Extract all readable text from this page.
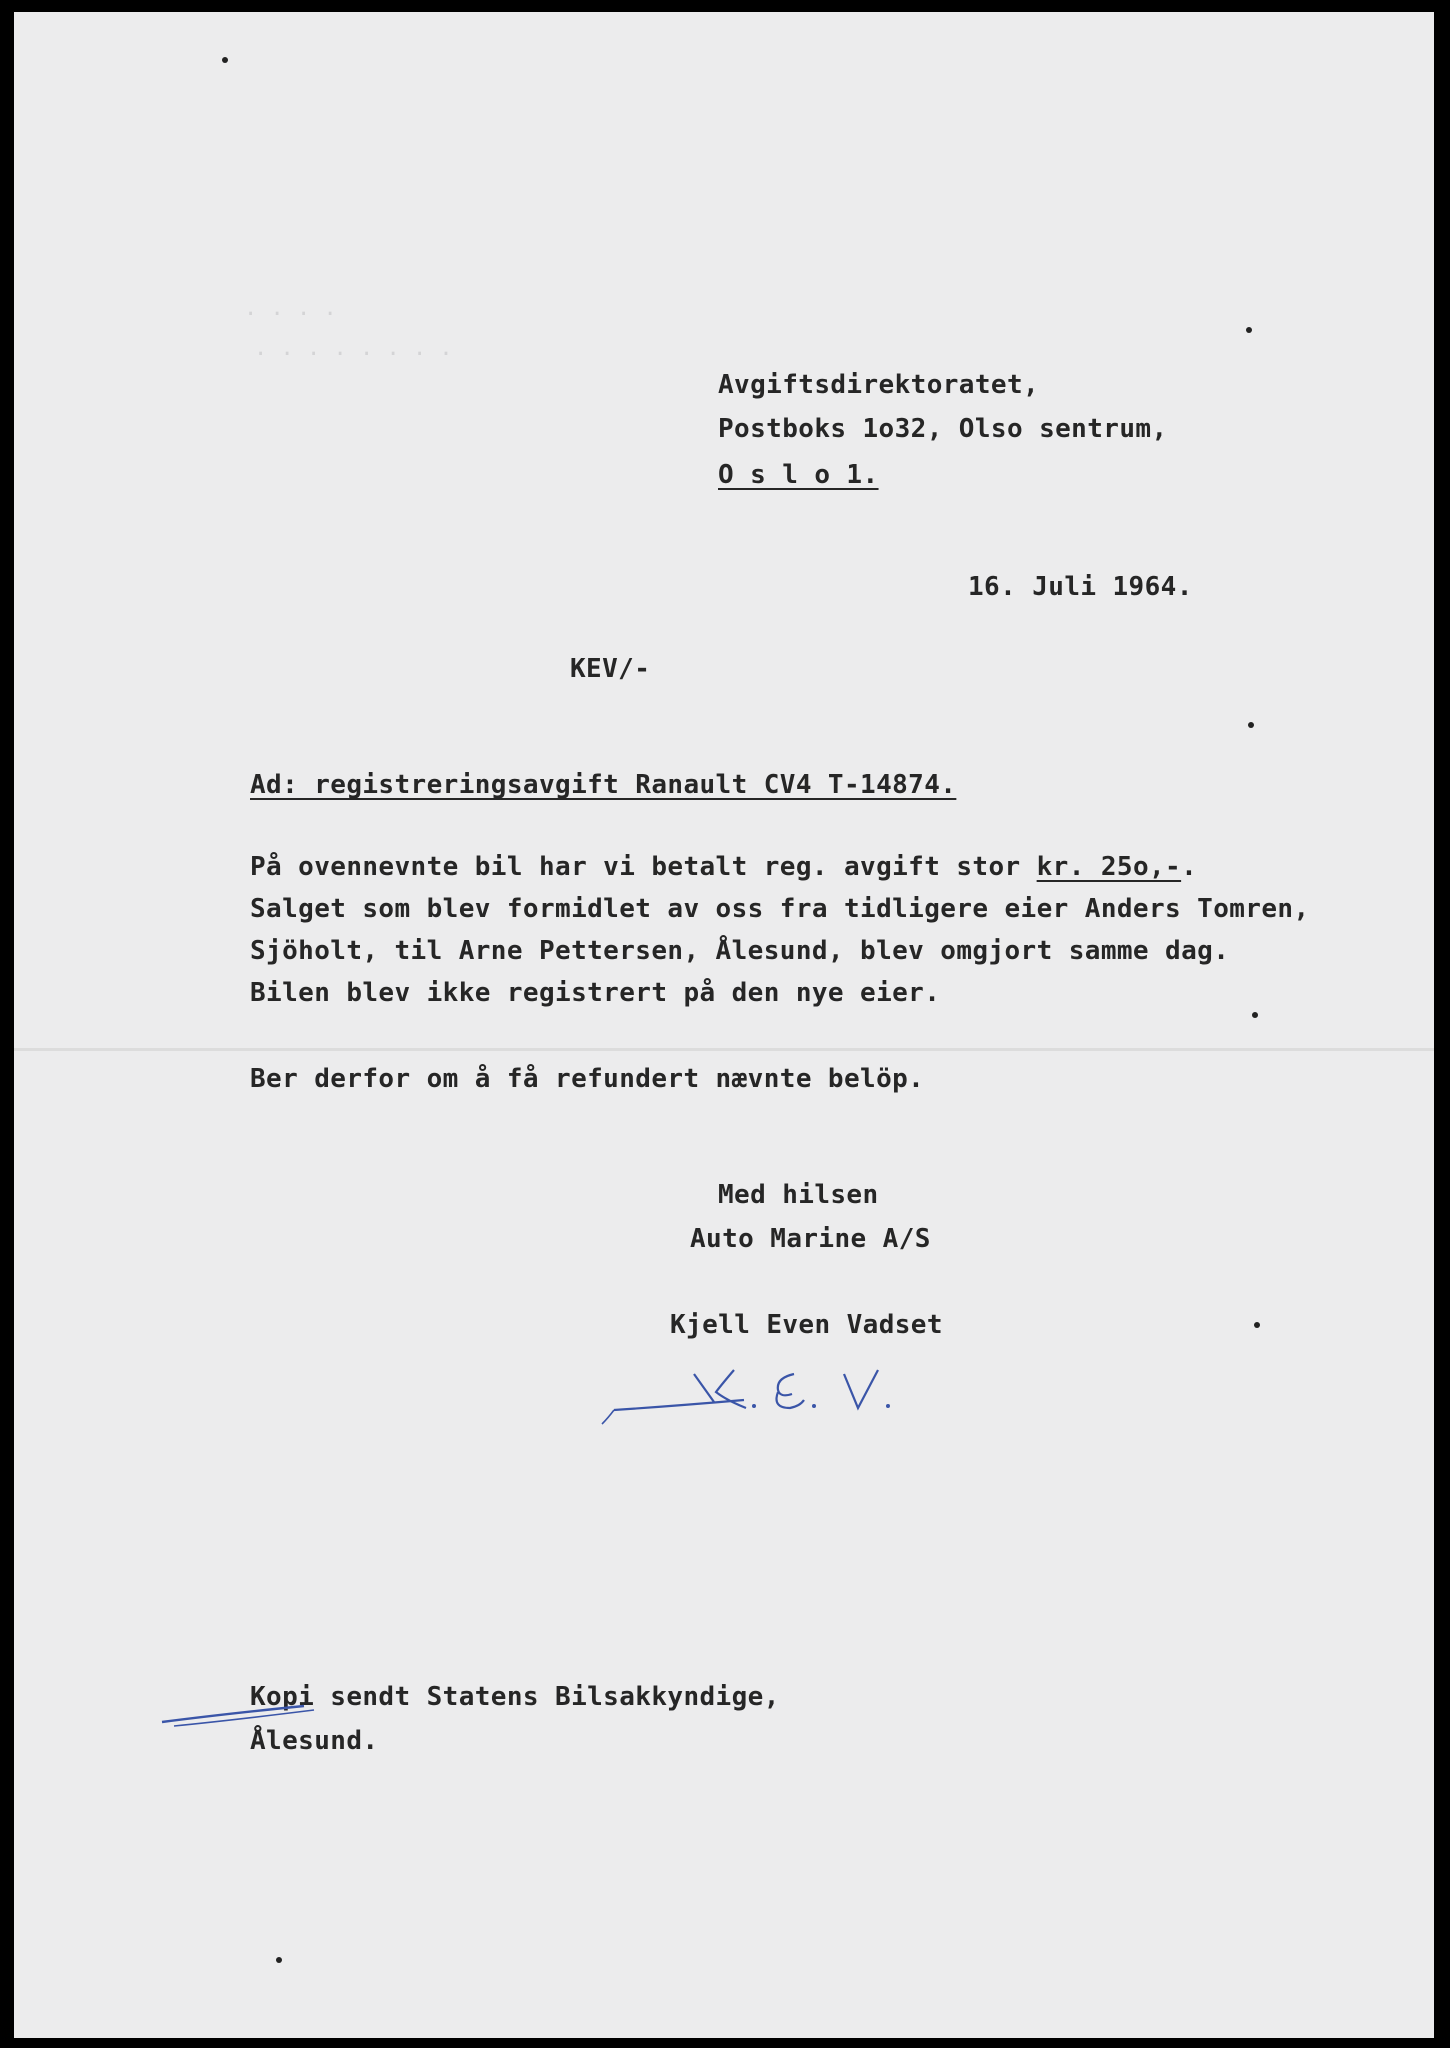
· · · ·
· · · · · · · ·
Avgiftsdirektoratet,
Postboks 1o32, Olso sentrum,
O s l o 1.
16. Juli 1964.
KEV/-
Ad: registreringsavgift Ranault CV4 T-14874.
På ovennevnte bil har vi betalt reg. avgift stor kr. 25o,-.
Salget som blev formidlet av oss fra tidligere eier Anders Tomren,
Sjöholt, til Arne Pettersen, Ålesund, blev omgjort samme dag.
Bilen blev ikke registrert på den nye eier.
Ber derfor om å få refundert nævnte belöp.
Med hilsen
Auto Marine A/S
Kjell Even Vadset
Kopi sendt Statens Bilsakkyndige,
Ålesund.
